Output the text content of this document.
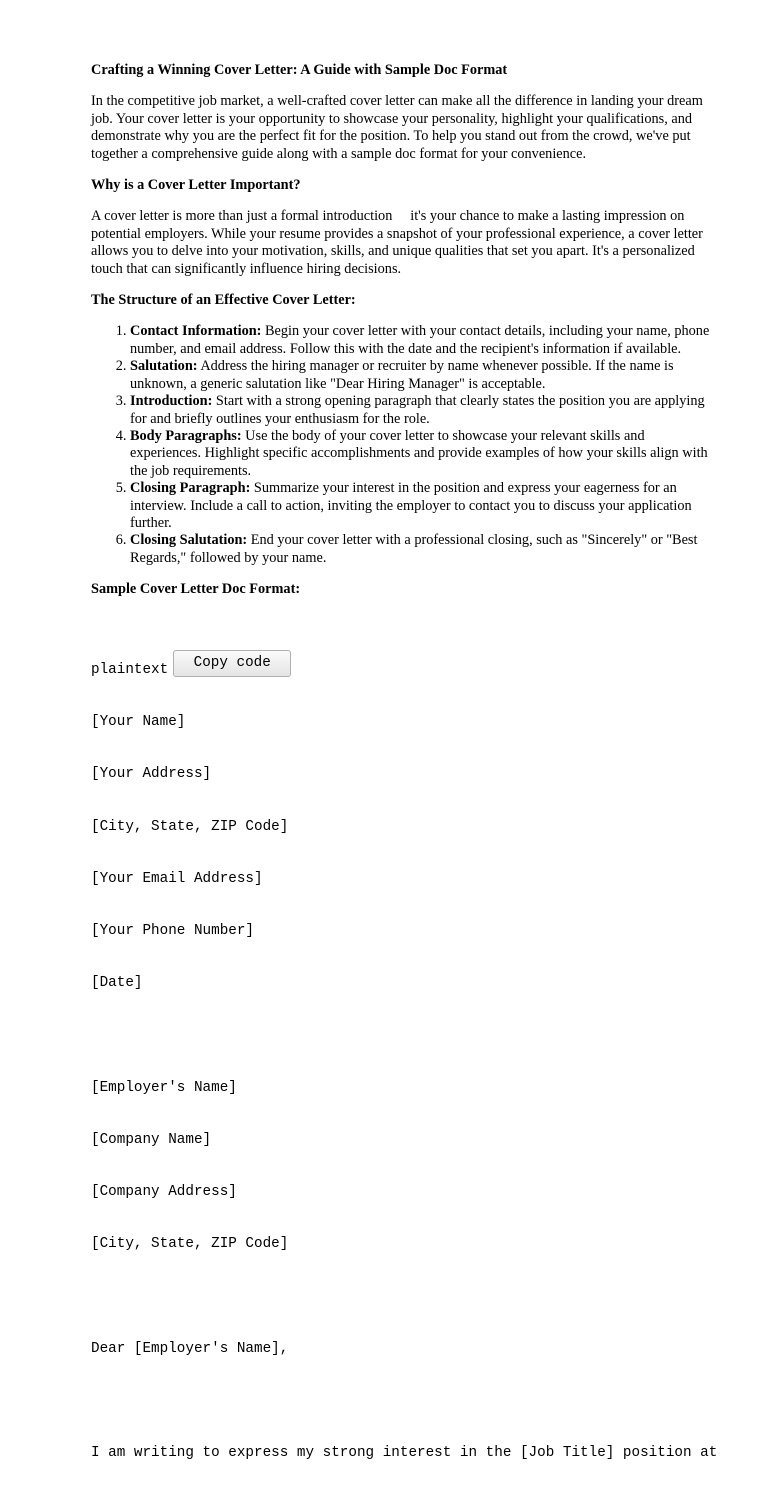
Crafting a Winning Cover Letter: A Guide with Sample Doc Format

In the competitive job market, a well-crafted cover letter can make all the difference in landing your dream job. Your cover letter is your opportunity to showcase your personality, highlight your qualifications, and demonstrate why you are the perfect fit for the position. To help you stand out from the crowd, we've put together a comprehensive guide along with a sample doc format for your convenience.

Why is a Cover Letter Important?

A cover letter is more than just a formal introduction  it's your chance to make a lasting impression on potential employers. While your resume provides a snapshot of your professional experience, a cover letter allows you to delve into your motivation, skills, and unique qualities that set you apart. It's a personalized touch that can significantly influence hiring decisions.

The Structure of an Effective Cover Letter:
1. Contact Information: Begin your cover letter with your contact details, including your name, phone number, and email address. Follow this with the date and the recipient's information if available.
2. Salutation: Address the hiring manager or recruiter by name whenever possible. If the name is unknown, a generic salutation like "Dear Hiring Manager" is acceptable.
3. Introduction: Start with a strong opening paragraph that clearly states the position you are applying for and briefly outlines your enthusiasm for the role.
4. Body Paragraphs: Use the body of your cover letter to showcase your relevant skills and experiences. Highlight specific accomplishments and provide examples of how your skills align with the job requirements.
5. Closing Paragraph: Summarize your interest in the position and express your eagerness for an interview. Include a call to action, inviting the employer to contact you to discuss your application further.
6. Closing Salutation: End your cover letter with a professional closing, such as "Sincerely" or "Best Regards," followed by your name.
Sample Cover Letter Doc Format:

plaintext	Copy code

[Your Name]

[Your Address]

[City, State, ZIP Code]

[Your Email Address]

[Your Phone Number]

[Date]

[Employer's Name]

[Company Name]

[Company Address]

[City, State, ZIP Code]

Dear [Employer's Name],

I am writing to express my strong interest in the [Job Title] position at
